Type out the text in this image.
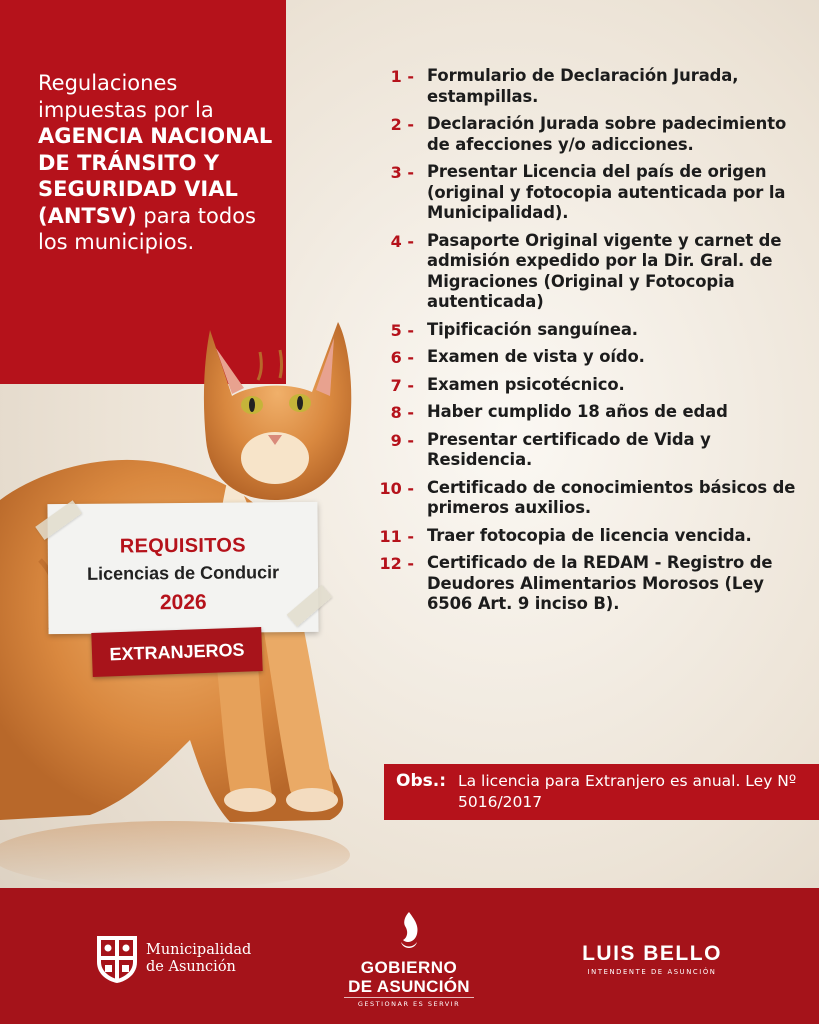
Regulaciones impuestas por la AGENCIA NACIONAL DE TRÁNSITO Y SEGURIDAD VIAL (ANTSV) para todos los municipios.
REQUISITOS
Licencias de Conducir
2026
EXTRANJEROS
1 - Formulario de Declaración Jurada, estampillas.
2 - Declaración Jurada sobre padecimiento de afecciones y/o adicciones.
3 - Presentar Licencia del país de origen (original y fotocopia autenticada por la Municipalidad).
4 - Pasaporte Original vigente y carnet de admisión expedido por la Dir. Gral. de Migraciones (Original y Fotocopia autenticada)
5 - Tipificación sanguínea.
6 - Examen de vista y oído.
7 - Examen psicotécnico.
8 - Haber cumplido 18 años de edad
9 - Presentar certificado de Vida y Residencia.
10 - Certificado de conocimientos básicos de primeros auxilios.
11 - Traer fotocopia de licencia vencida.
12 - Certificado de la REDAM - Registro de Deudores Alimentarios Morosos (Ley 6506 Art. 9 inciso B).
Obs.: La licencia para Extranjero es anual. Ley Nº 5016/2017
Municipalidad
de Asunción	GOBIERNO
DE ASUNCIÓN
GESTIONAR ES SERVIR
LUIS BELLO
INTENDENTE DE ASUNCIÓN
